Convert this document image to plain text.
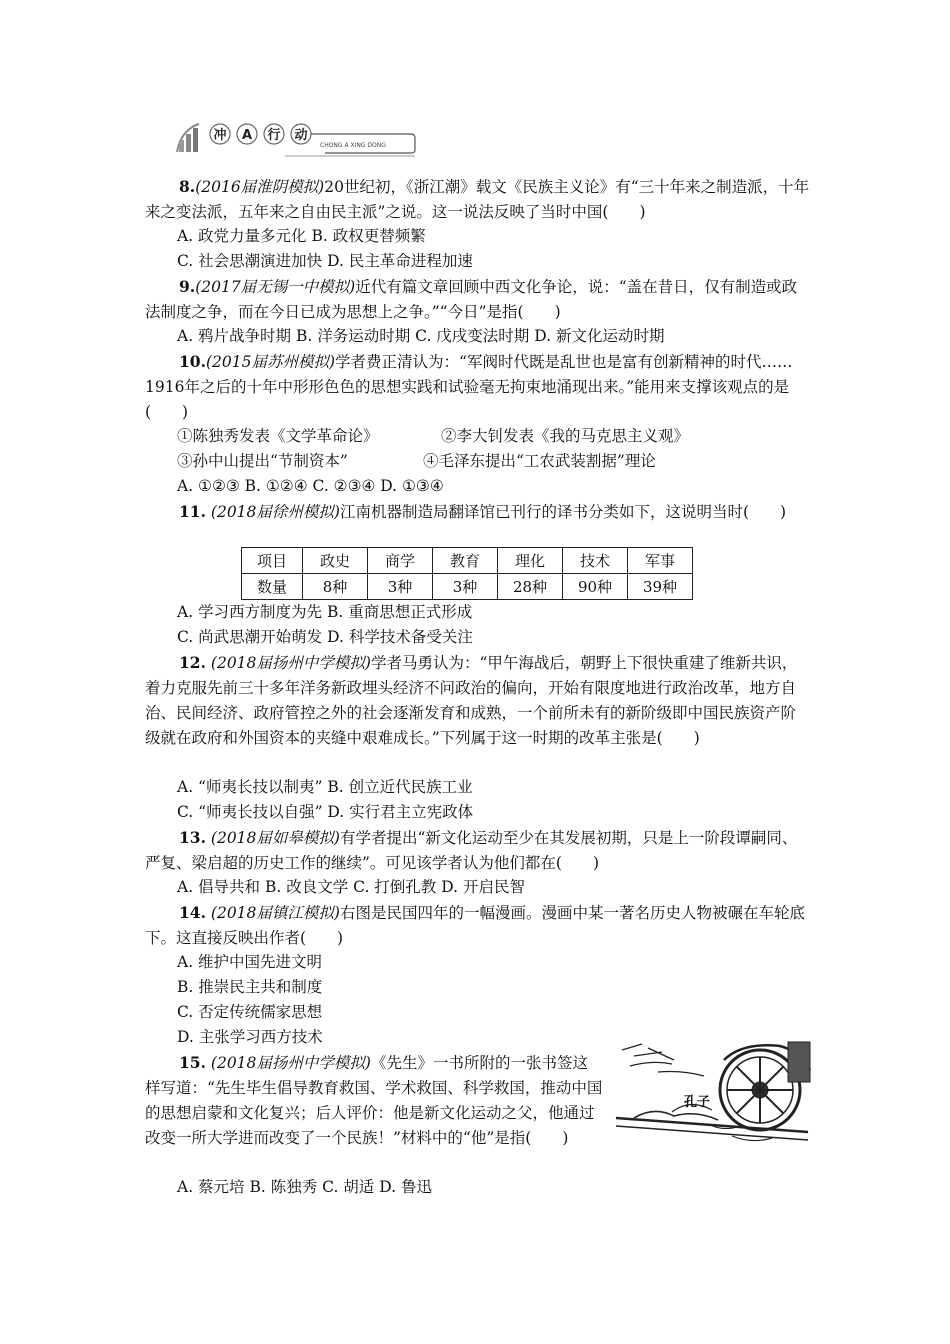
冲 A 行 动
CHONG A XING DONG
8.(2016届淮阴模拟)20世纪初，《浙江潮》载文《民族主义论》有“三十年来之制造派，十年来之变法派，五年来之自由民主派”之说。这一说法反映了当时中国(　　)
A. 政党力量多元化 B. 政权更替频繁
C. 社会思潮演进加快 D. 民主革命进程加速
9.(2017届无锡一中模拟)近代有篇文章回顾中西文化争论，说：“盖在昔日，仅有制造或政法制度之争，而在今日已成为思想上之争。”“今日”是指(　　)
A. 鸦片战争时期 B. 洋务运动时期 C. 戊戌变法时期 D. 新文化运动时期
10.(2015届苏州模拟)学者费正清认为：“军阀时代既是乱世也是富有创新精神的时代……1916年之后的十年中形形色色的思想实践和试验毫无拘束地涌现出来。”能用来支撑该观点的是(　　)
①陈独秀发表《文学革命论》	②李大钊发表《我的马克思主义观》
③孙中山提出“节制资本”	④毛泽东提出“工农武装割据”理论
A. ①②③ B. ①②④ C. ②③④ D. ①③④
11. (2018届徐州模拟)江南机器制造局翻译馆已刊行的译书分类如下，这说明当时(　　)
项目	政史	商学	教育	理化	技术	军事
数量	8种	3种	3种	28种	90种	39种
A. 学习西方制度为先 B. 重商思想正式形成
C. 尚武思潮开始萌发 D. 科学技术备受关注
12. (2018届扬州中学模拟)学者马勇认为：“甲午海战后，朝野上下很快重建了维新共识，着力克服先前三十多年洋务新政埋头经济不问政治的偏向，开始有限度地进行政治改革，地方自治、民间经济、政府管控之外的社会逐渐发育和成熟，一个前所未有的新阶级即中国民族资产阶级就在政府和外国资本的夹缝中艰难成长。”下列属于这一时期的改革主张是(　　)
A. “师夷长技以制夷” B. 创立近代民族工业
C. “师夷长技以自强” D. 实行君主立宪政体
13. (2018届如皋模拟)有学者提出“新文化运动至少在其发展初期，只是上一阶段谭嗣同、严复、梁启超的历史工作的继续”。可见该学者认为他们都在(　　)
A. 倡导共和 B. 改良文学 C. 打倒孔教 D. 开启民智
14. (2018届镇江模拟)右图是民国四年的一幅漫画。漫画中某一著名历史人物被碾在车轮底下。这直接反映出作者(　　)
A. 维护中国先进文明
B. 推崇民主共和制度
C. 否定传统儒家思想
D. 主张学习西方技术
孔子
15. (2018届扬州中学模拟)《先生》一书所附的一张书签这样写道：“先生毕生倡导教育救国、学术救国、科学救国，推动中国的思想启蒙和文化复兴；后人评价：他是新文化运动之父，他通过改变一所大学进而改变了一个民族！”材料中的“他”是指(　　)
A. 蔡元培 B. 陈独秀 C. 胡适 D. 鲁迅
